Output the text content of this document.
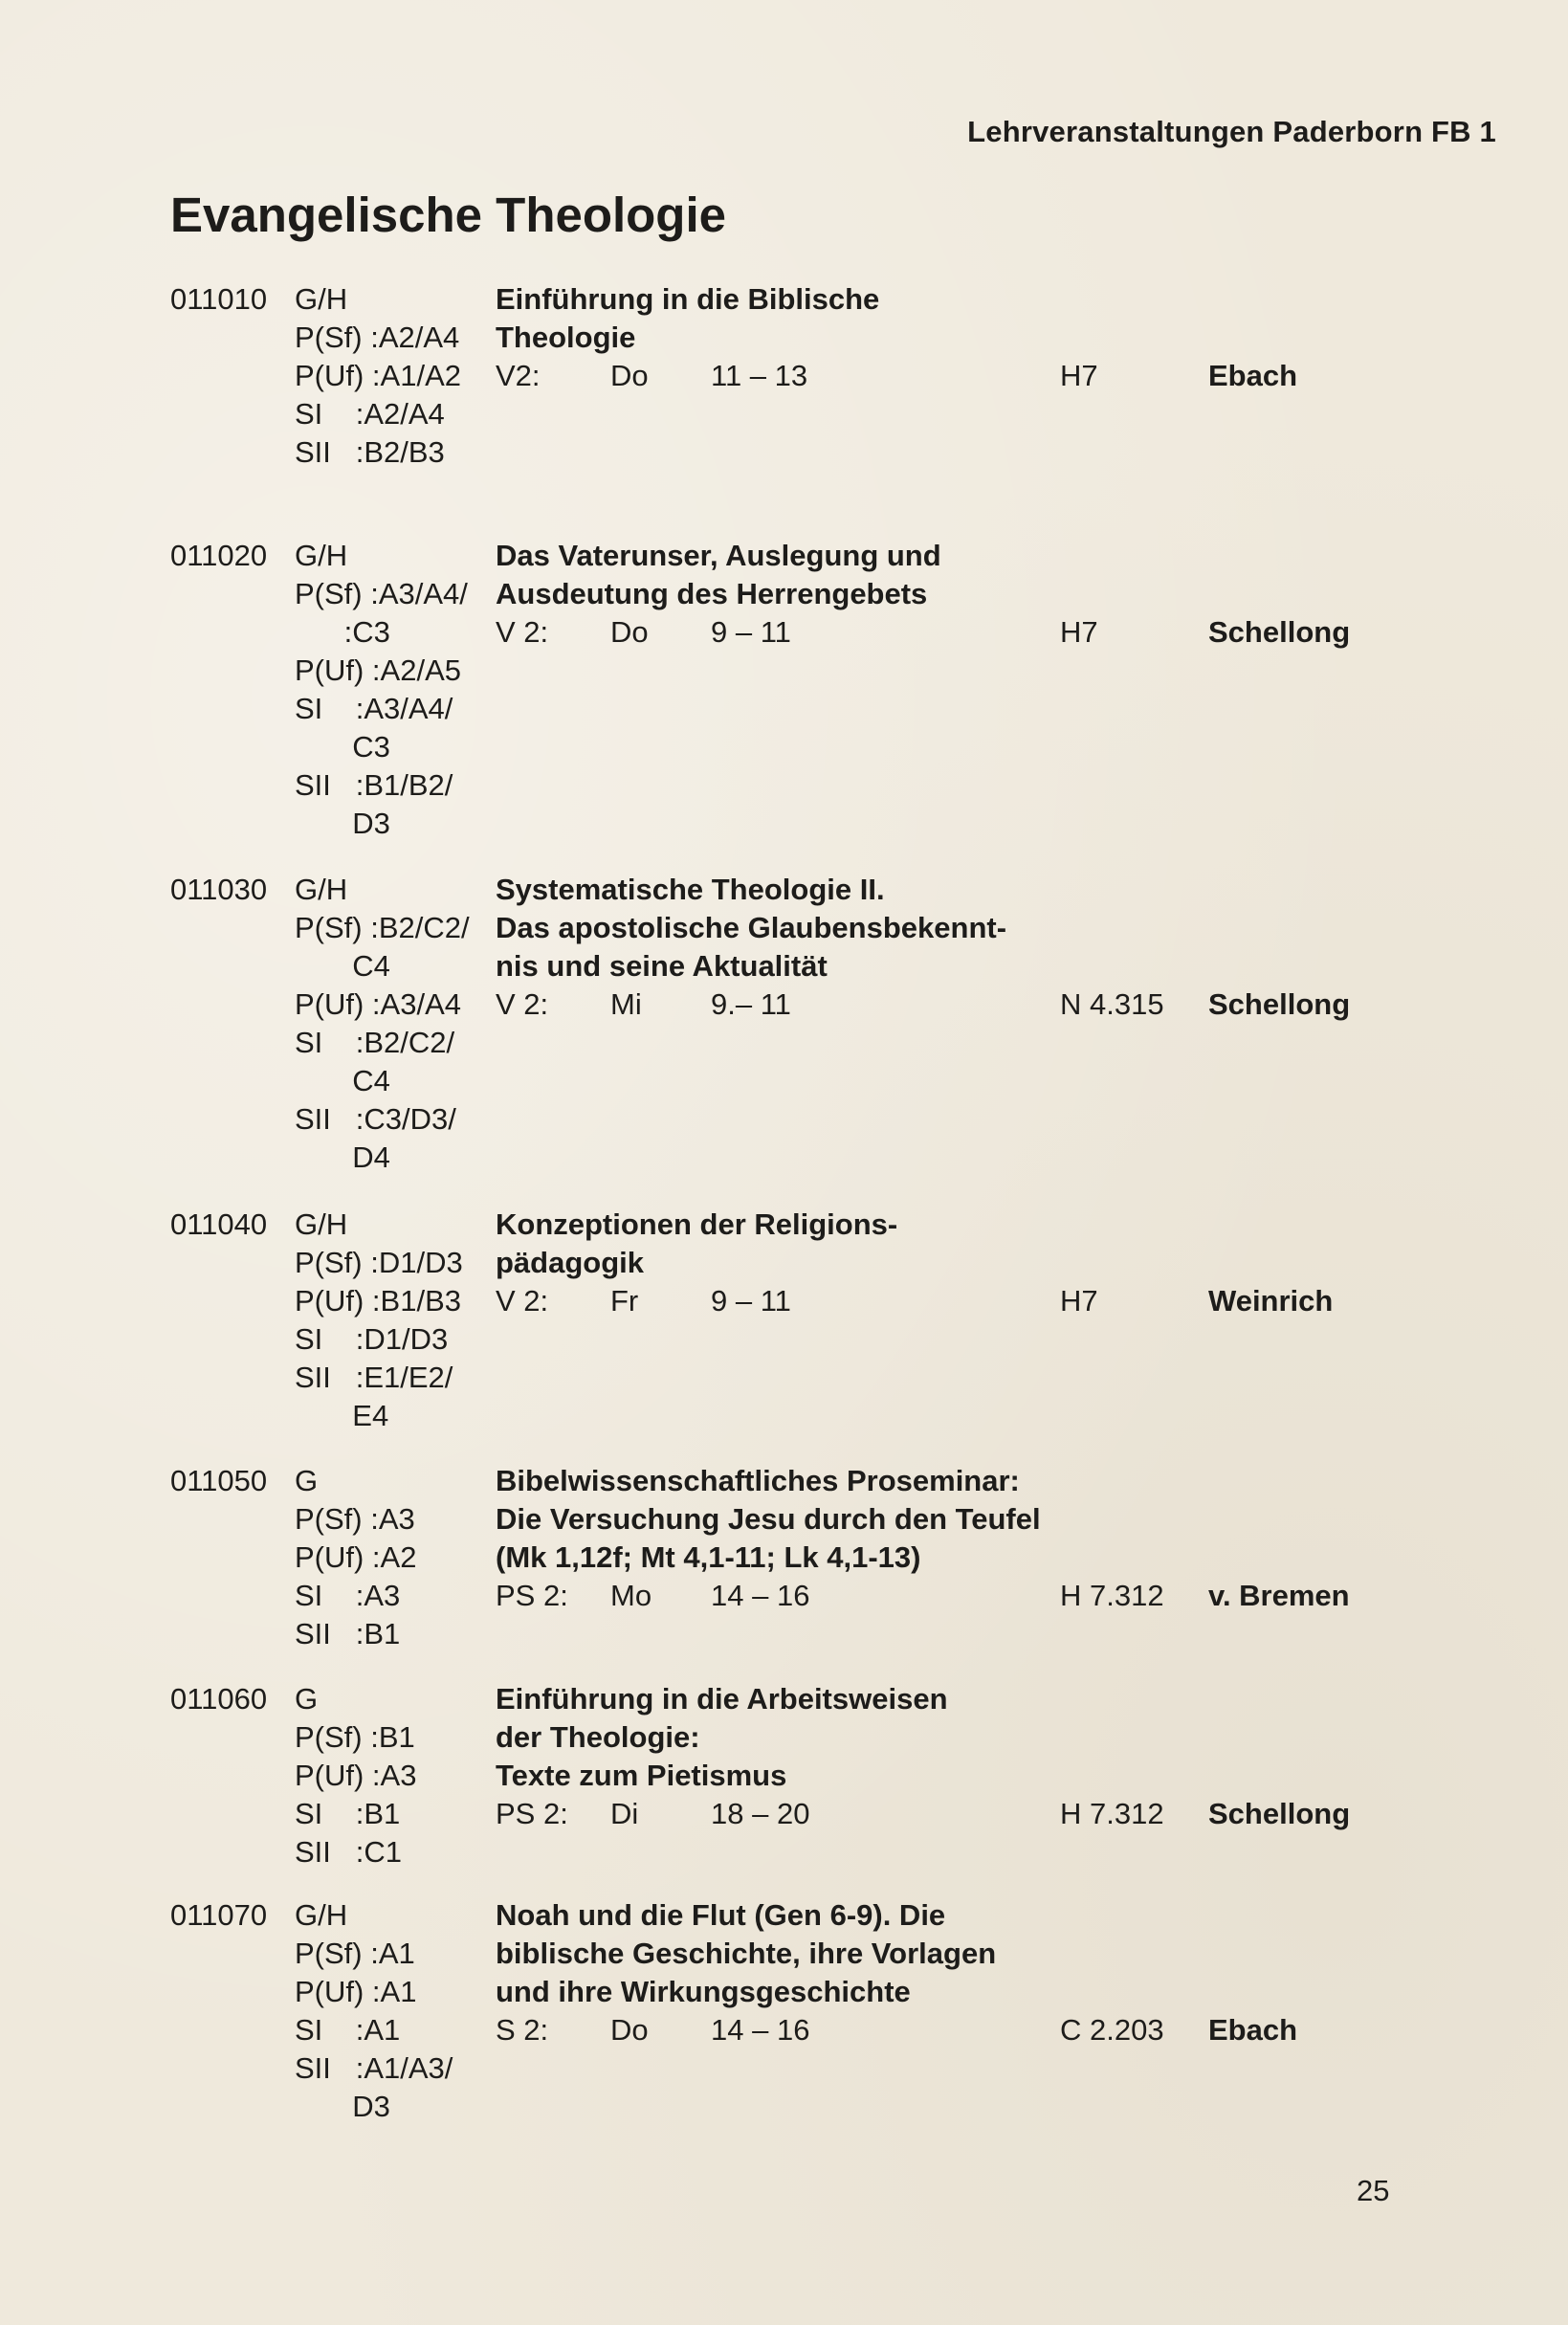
Lehrveranstaltungen Paderborn FB 1
Evangelische Theologie
011010 G/H
P(Sf) :A2/A4
P(Uf) :A1/A2
SI    :A2/A4
SII   :B2/B3
Einführung in die Biblische
Theologie
V2:	Do	11 – 13	H7	Ebach
011020 G/H
P(Sf) :A3/A4/
:C3
P(Uf) :A2/A5
SI    :A3/A4/
C3
SII   :B1/B2/
D3
Das Vaterunser, Auslegung und
Ausdeutung des Herrengebets
V 2:	Do	9 – 11	H7	Schellong
011030 G/H
P(Sf) :B2/C2/
C4
P(Uf) :A3/A4
SI    :B2/C2/
C4
SII   :C3/D3/
D4
Systematische Theologie II.
Das apostolische Glaubensbekennt-
nis und seine Aktualität
V 2:	Mi	9.– 11	N 4.315	Schellong
011040 G/H
P(Sf) :D1/D3
P(Uf) :B1/B3
SI    :D1/D3
SII   :E1/E2/
E4
Konzeptionen der Religions-
pädagogik
V 2:	Fr	9 – 11	H7	Weinrich
011050 G
P(Sf) :A3
P(Uf) :A2
SI    :A3
SII   :B1
Bibelwissenschaftliches Proseminar:
Die Versuchung Jesu durch den Teufel
(Mk 1,12f; Mt 4,1-11; Lk 4,1-13)
PS 2:	Mo	14 – 16	H 7.312	v. Bremen
011060 G
P(Sf) :B1
P(Uf) :A3
SI    :B1
SII   :C1
Einführung in die Arbeitsweisen
der Theologie:
Texte zum Pietismus
PS 2:	Di	18 – 20	H 7.312	Schellong
011070 G/H
P(Sf) :A1
P(Uf) :A1
SI    :A1
SII   :A1/A3/
D3
Noah und die Flut (Gen 6-9). Die
biblische Geschichte, ihre Vorlagen
und ihre Wirkungsgeschichte
S 2:	Do	14 – 16	C 2.203	Ebach
25
